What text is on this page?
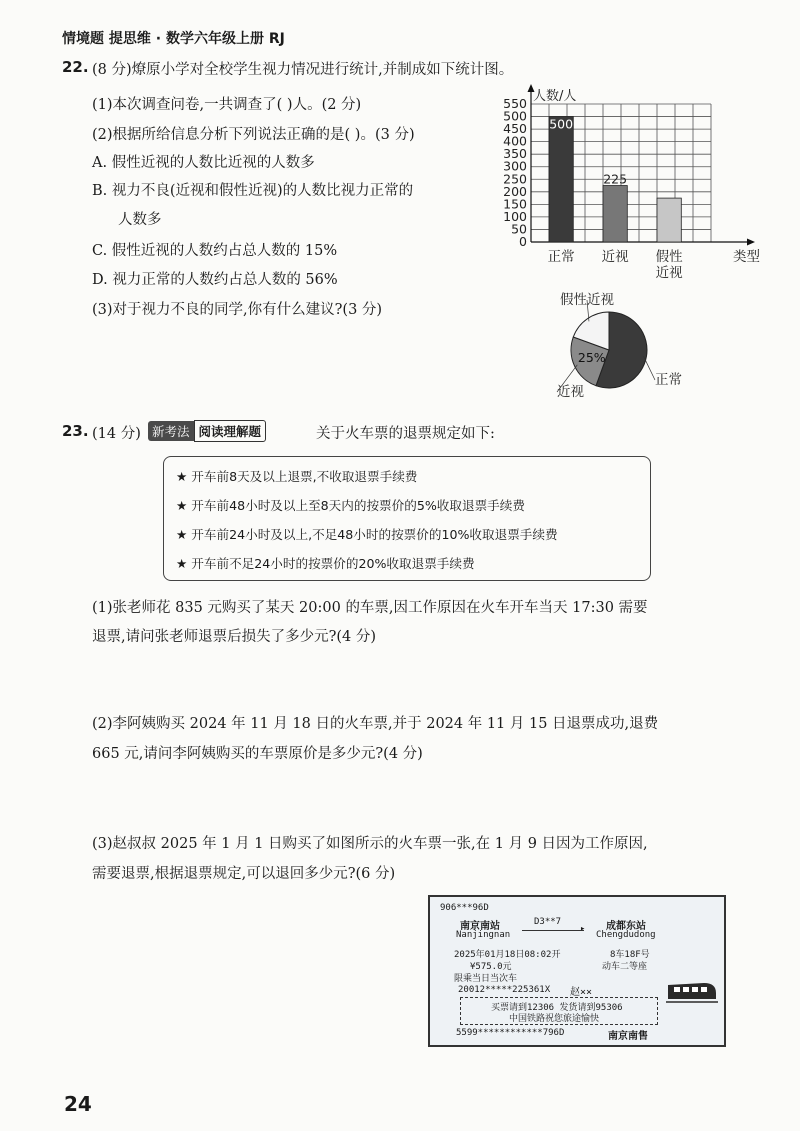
情境题 提思维 · 数学六年级上册 RJ
22. (8 分)燎原小学对全校学生视力情况进行统计,并制成如下统计图。
(1)本次调查问卷,一共调查了( )人。(2 分)
(2)根据所给信息分析下列说法正确的是( )。(3 分)
A. 假性近视的人数比近视的人数多
B. 视力不良(近视和假性近视)的人数比视力正常的
人数多
C. 假性近视的人数约占总人数的 15%
D. 视力正常的人数约占总人数的 56%
(3)对于视力不良的同学,你有什么建议?(3 分)
0
50
100
150
200
250
300
350
400
450
500
550 人数/人
类型
500
正常
225
近视 假性
近视
25%
正常
近视
假性近视
23. (14 分) 新考法 阅读理解题	关于火车票的退票规定如下:
★ 开车前8天及以上退票,不收取退票手续费
★ 开车前48小时及以上至8天内的按票价的5%收取退票手续费
★ 开车前24小时及以上,不足48小时的按票价的10%收取退票手续费
★ 开车前不足24小时的按票价的20%收取退票手续费
(1)张老师花 835 元购买了某天 20:00 的车票,因工作原因在火车开车当天 17:30 需要
退票,请问张老师退票后损失了多少元?(4 分)
(2)李阿姨购买 2024 年 11 月 18 日的火车票,并于 2024 年 11 月 15 日退票成功,退费
665 元,请问李阿姨购买的车票原价是多少元?(4 分)
(3)赵叔叔 2025 年 1 月 1 日购买了如图所示的火车票一张,在 1 月 9 日因为工作原因,
需要退票,根据退票规定,可以退回多少元?(6 分)
906***96D
南京南站
Nanjingnan
D3**7
▸ 成都东站
Chengdudong
2025年01月18日08:02开
¥575.0元
限乘当日当次车
8车18F号
动车二等座
20012*****225361X 赵××
买票请到12306 发货请到95306
中国铁路祝您旅途愉快
5599************796D	南京南售
24
